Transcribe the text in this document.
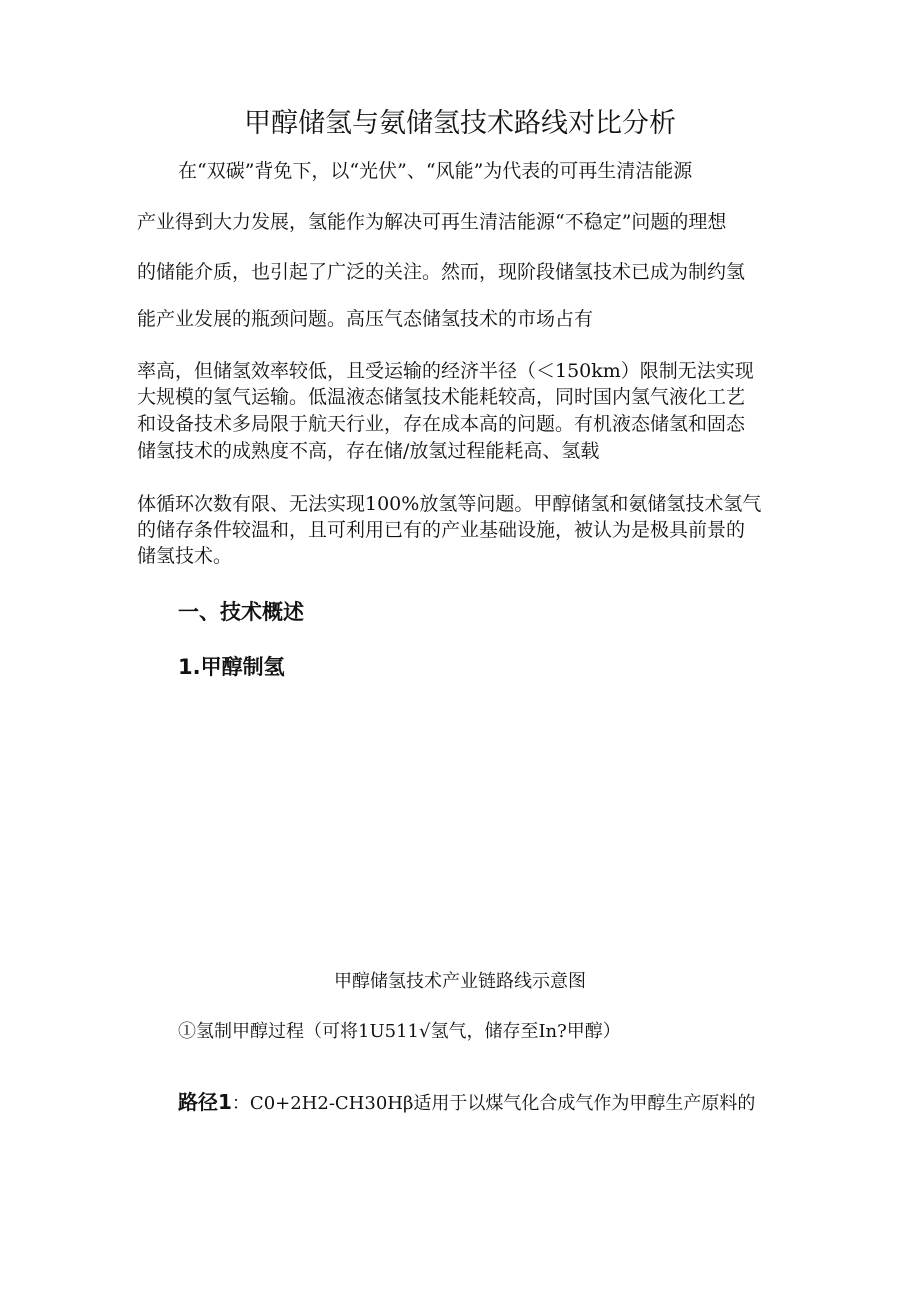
甲醇储氢与氨储氢技术路线对比分析
在“双碳”背免下，以“光伏”、“风能”为代表的可再生清洁能源
产业得到大力发展，氢能作为解决可再生清洁能源“不稳定”问题的理想
的储能介质，也引起了广泛的关注。然而，现阶段储氢技术已成为制约氢
能产业发展的瓶颈问题。高压气态储氢技术的市场占有
率高，但储氢效率较低，且受运输的经济半径（＜150km）限制无法实现
大规模的氢气运输。低温液态储氢技术能耗较高，同时国内氢气液化工艺
和设备技术多局限于航天行业，存在成本高的问题。有机液态储氢和固态
储氢技术的成熟度不高，存在储/放氢过程能耗高、氢载
体循环次数有限、无法实现100%放氢等问题。甲醇储氢和氨储氢技术氢气
的储存条件较温和，且可利用已有的产业基础设施，被认为是极具前景的
储氢技术。
一、技术概述
1.甲醇制氢
甲醇储氢技术产业链路线示意图
①氢制甲醇过程（可将1U511√氢气，储存至In?甲醇）
路径1：C0+2H2-CH30Hβ适用于以煤气化合成气作为甲醇生产原料的
